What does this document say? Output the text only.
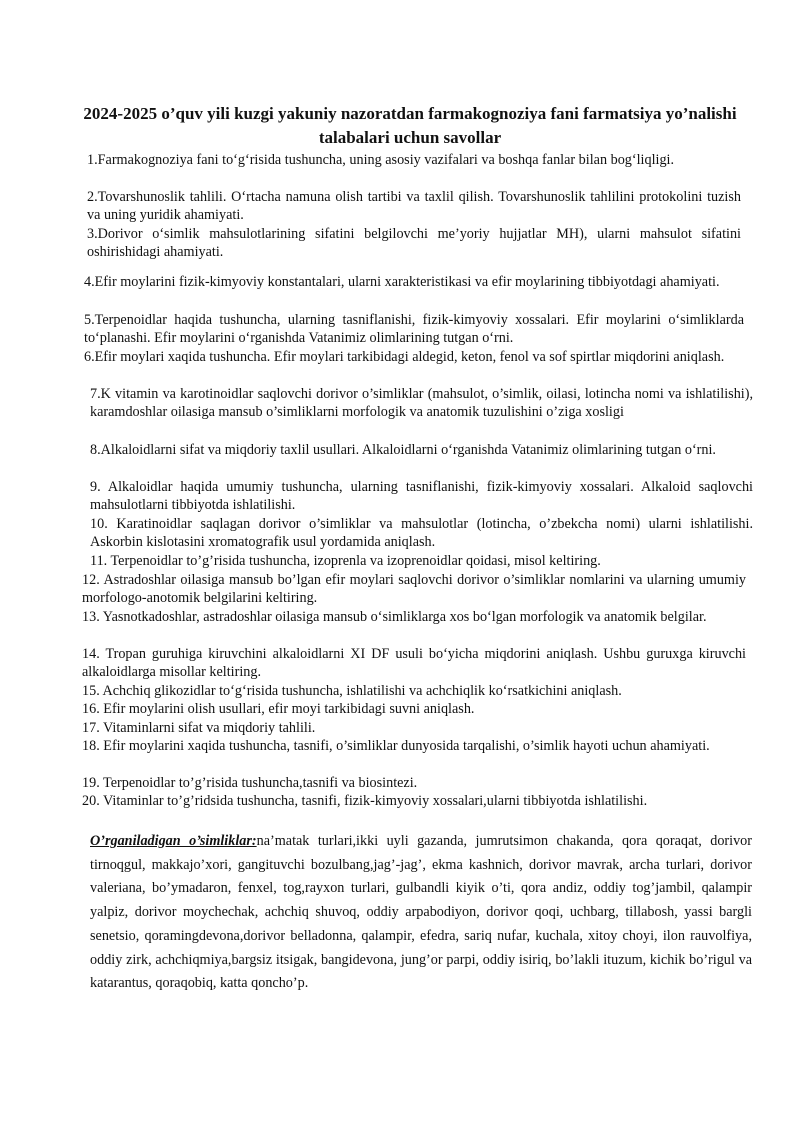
2024-2025 o’quv yili kuzgi yakuniy nazoratdan farmakognoziya fani farmatsiya yo’nalishi talabalari uchun savollar

1.Farmakognoziya fani to‘g‘risida tushuncha, uning asosiy vazifalari va boshqa fanlar bilan bog‘liqligi.

2.Tovarshunoslik tahlili. O‘rtacha namuna olish tartibi va taxlil qilish. Tovarshunoslik tahlilini protokolini tuzish va uning yuridik ahamiyati.

3.Dorivor o‘simlik mahsulotlarining sifatini belgilovchi me’yoriy hujjatlar MH), ularni mahsulot sifatini oshirishidagi ahamiyati.

4.Efir moylarini fizik-kimyoviy konstantalari, ularni xarakteristikasi va efir moylarining tibbiyotdagi ahamiyati.

5.Terpenoidlar haqida tushuncha, ularning tasniflanishi, fizik-kimyoviy xossalari. Efir moylarini o‘simliklarda to‘planashi. Efir moylarini o‘rganishda Vatanimiz olimlarining tutgan o‘rni.

6.Efir moylari xaqida tushuncha. Efir moylari tarkibidagi aldegid, keton, fenol va sof spirtlar miqdorini aniqlash.

7.K vitamin va karotinoidlar saqlovchi dorivor o’simliklar (mahsulot, o’simlik, oilasi, lotincha nomi va ishlatilishi), karamdoshlar oilasiga mansub o’simliklarni morfologik va anatomik tuzulishini o’ziga xosligi

8.Alkaloidlarni sifat va miqdoriy taxlil usullari. Alkaloidlarni o‘rganishda Vatanimiz olimlarining tutgan o‘rni.

9. Alkaloidlar haqida umumiy tushuncha, ularning tasniflanishi, fizik-kimyoviy xossalari. Alkaloid saqlovchi mahsulotlarni tibbiyotda ishlatilishi.

10. Karatinoidlar saqlagan dorivor o’simliklar va mahsulotlar (lotincha, o’zbekcha nomi) ularni ishlatilishi. Askorbin kislotasini xromatografik usul yordamida aniqlash.

11. Terpenoidlar to’g’risida tushuncha, izoprenla va izoprenoidlar qoidasi, misol keltiring.

12. Astradoshlar oilasiga mansub bo’lgan efir moylari saqlovchi dorivor o’simliklar nomlarini va ularning umumiy morfologo-anotomik belgilarini keltiring.

13. Yasnotkadoshlar, astradoshlar oilasiga mansub o‘simliklarga xos bo‘lgan morfologik va anatomik belgilar.

14. Tropan guruhiga kiruvchini alkaloidlarni XI DF usuli bo‘yicha miqdorini aniqlash. Ushbu guruxga kiruvchi alkaloidlarga misollar keltiring.

15. Achchiq glikozidlar to‘g‘risida tushuncha, ishlatilishi va achchiqlik ko‘rsatkichini aniqlash.

16. Efir moylarini olish usullari, efir moyi tarkibidagi suvni aniqlash.

17. Vitaminlarni sifat va miqdoriy tahlili.

18. Efir moylarini xaqida tushuncha, tasnifi, o’simliklar dunyosida tarqalishi, o’simlik hayoti uchun ahamiyati.

19. Terpenoidlar to’g’risida tushuncha,tasnifi va biosintezi.

20. Vitaminlar to’g’ridsida tushuncha, tasnifi, fizik-kimyoviy xossalari,ularni tibbiyotda ishlatilishi.

O’rganiladigan o’simliklar:na’matak turlari,ikki uyli gazanda, jumrutsimon chakanda, qora qoraqat, dorivor tirnoqgul, makkajo’xori, gangituvchi bozulbang,jag’-jag’, ekma kashnich, dorivor mavrak, archa turlari, dorivor valeriana, bo’ymadaron, fenxel, tog,rayxon turlari, gulbandli kiyik o’ti, qora andiz, oddiy tog’jambil, qalampir yalpiz, dorivor moychechak, achchiq shuvoq, oddiy arpabodiyon, dorivor qoqi, uchbarg, tillabosh, yassi bargli senetsio, qoramingdevona,dorivor belladonna, qalampir, efedra, sariq nufar, kuchala, xitoy choyi, ilon rauvolfiya, oddiy zirk, achchiqmiya,bargsiz itsigak, bangidevona, jung’or parpi, oddiy isiriq, bo’lakli ituzum, kichik bo’rigul va katarantus, qoraqobiq, katta qoncho’p.
